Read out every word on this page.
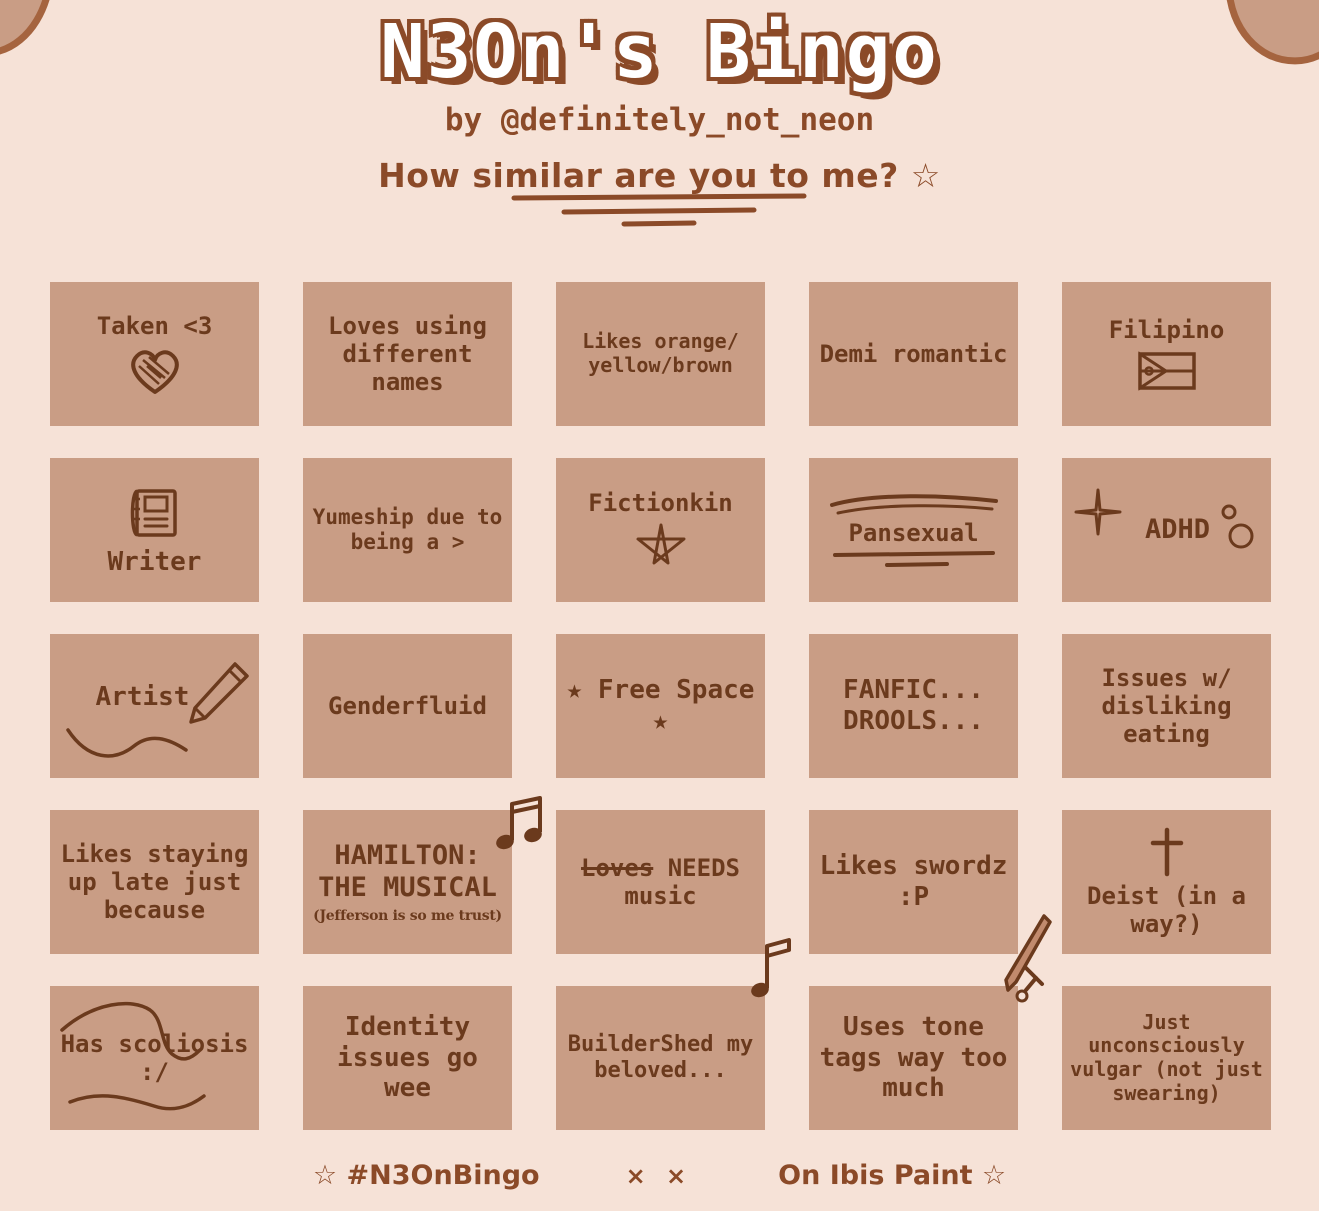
N3On's Bingo
by @definitely_not_neon
How similar are you to me? ☆
Taken <3	Loves using different names
Likes orange/ yellow/brown	Demi romantic
Filipino
Writer
Yumeship due to being a >
Fictionkin
Pansexual	ADHD
Artist	Genderfluid
★ Free Space ★
FANFIC... DROOLS...
Issues w/ disliking eating
Likes staying up late just because
HAMILTON: THE MUSICAL
(Jefferson is so me trust)
Loves NEEDS music
Likes swordz :P	Deist (in a way?)
Has scoliosis :/
Identity issues go wee
BuilderShed my beloved...
Uses tone tags way too much
Just unconsciously vulgar (not just swearing)
☆ #N3OnBingo	× ×	On Ibis Paint ☆
